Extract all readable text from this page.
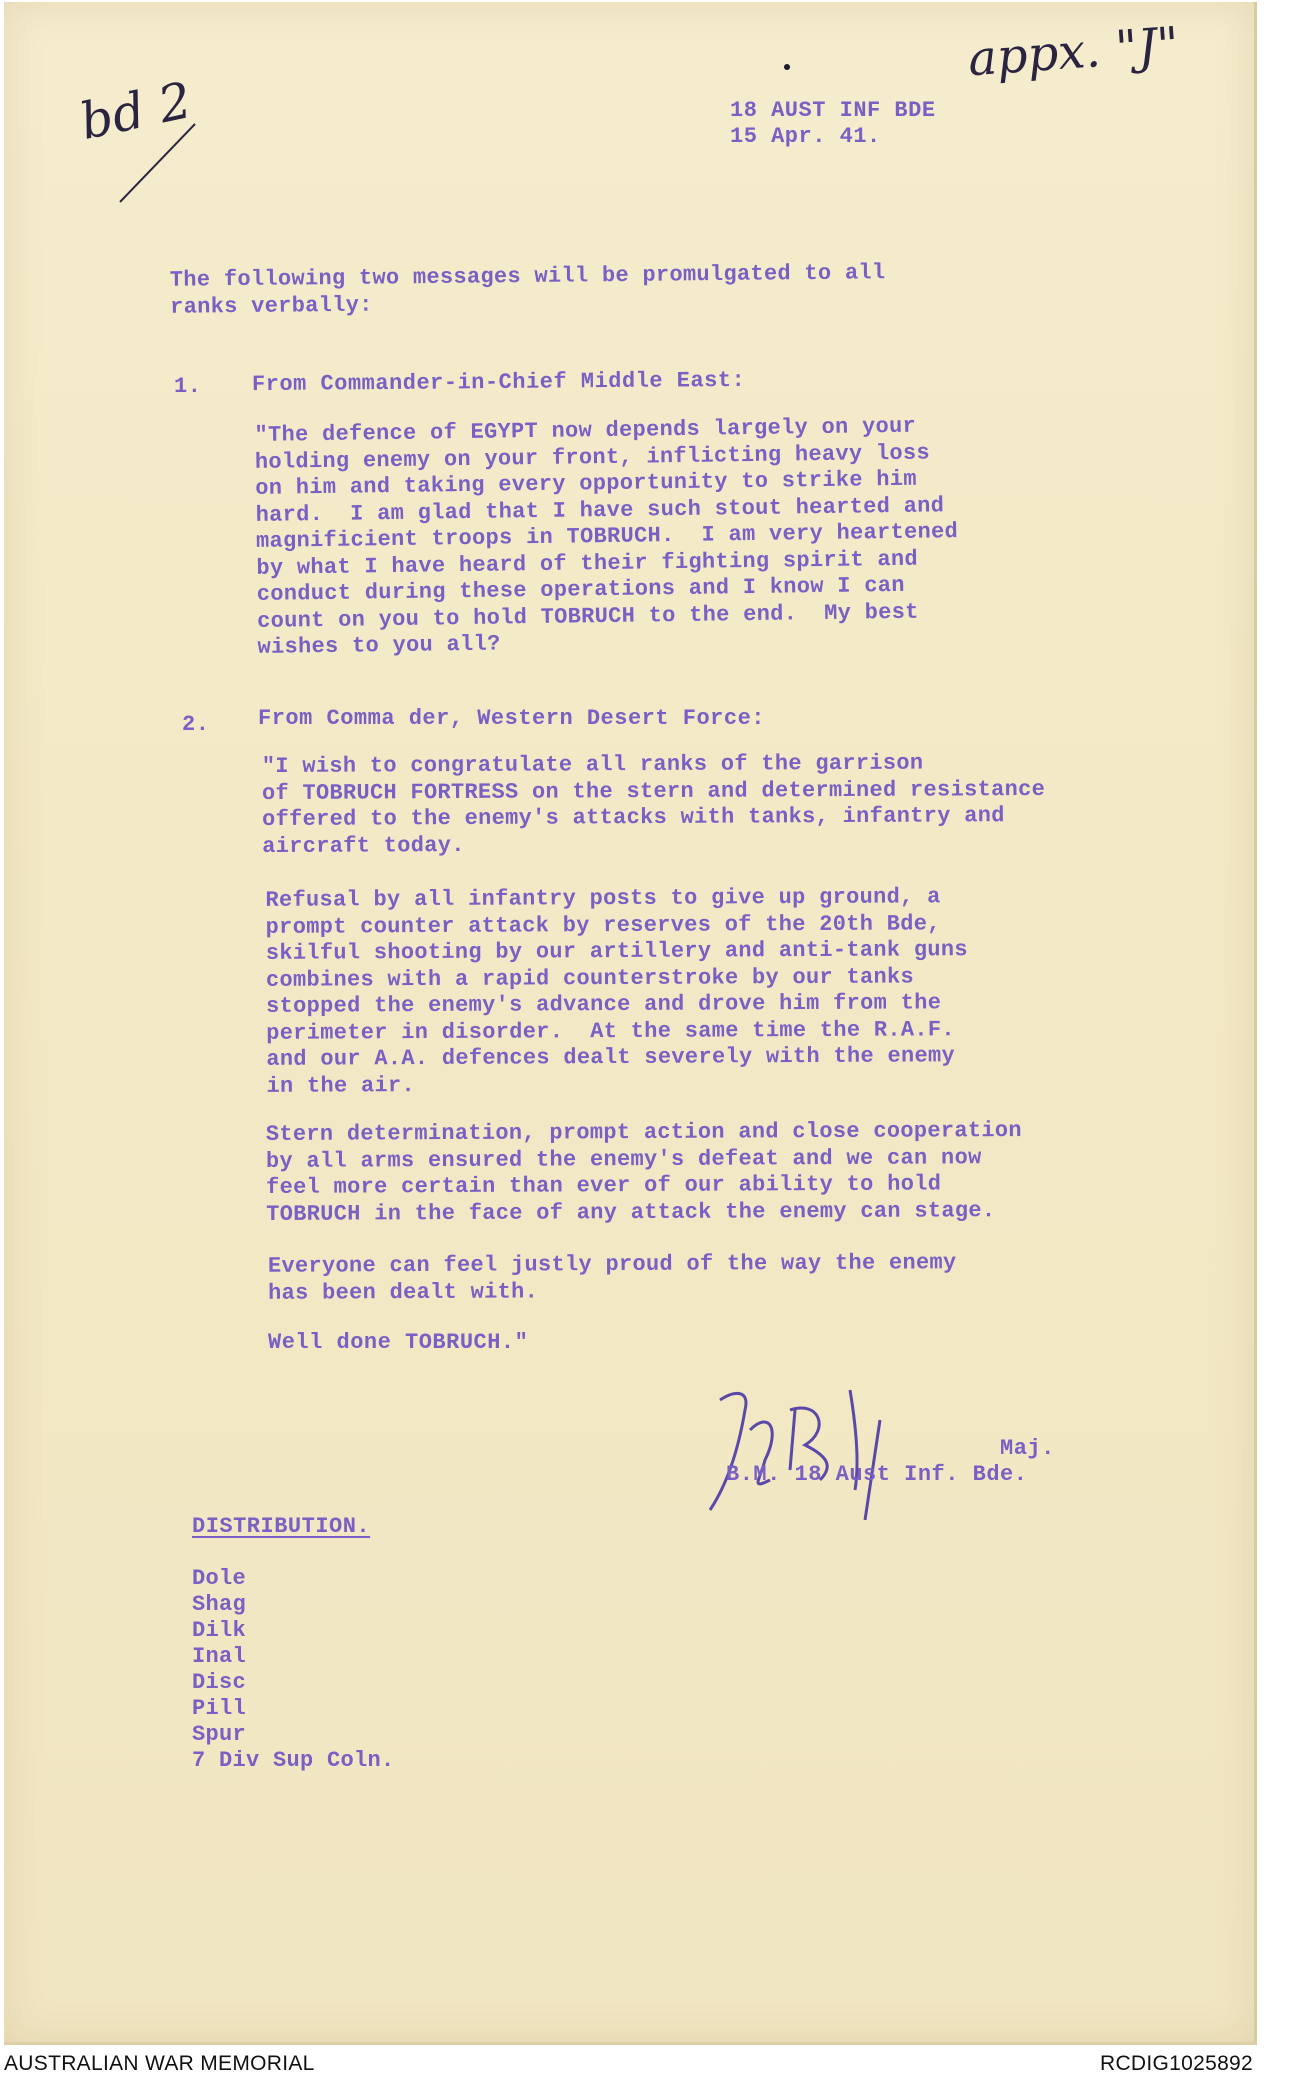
appx. "J"
bd 2	18 AUST INF BDE

15 Apr. 41.

The following two messages will be promulgated to all
ranks verbally:

1. From Commander-in-Chief Middle East:

"The defence of EGYPT now depends largely on your
holding enemy on your front, inflicting heavy loss
on him and taking every opportunity to strike him
hard.  I am glad that I have such stout hearted and
magnificient troops in TOBRUCH.  I am very heartened
by what I have heard of their fighting spirit and
conduct during these operations and I know I can
count on you to hold TOBRUCH to the end.  My best
wishes to you all?

2. From Comma der, Western Desert Force:

"I wish to congratulate all ranks of the garrison
of TOBRUCH FORTRESS on the stern and determined resistance
offered to the enemy's attacks with tanks, infantry and
aircraft today.
Refusal by all infantry posts to give up ground, a
prompt counter attack by reserves of the 20th Bde,
skilful shooting by our artillery and anti-tank guns
combines with a rapid counterstroke by our tanks
stopped the enemy's advance and drove him from the
perimeter in disorder.  At the same time the R.A.F.
and our A.A. defences dealt severely with the enemy
in the air.
Stern determination, prompt action and close cooperation
by all arms ensured the enemy's defeat and we can now
feel more certain than ever of our ability to hold
TOBRUCH in the face of any attack the enemy can stage.
Everyone can feel justly proud of the way the enemy
has been dealt with.

Well done TOBRUCH."

Maj.

B.M. 18 Aust Inf. Bde.

DISTRIBUTION.

Dole
Shag
Dilk
Inal
Disc
Pill
Spur
7 Div Sup Coln.
AUSTRALIAN WAR MEMORIAL	RCDIG1025892
